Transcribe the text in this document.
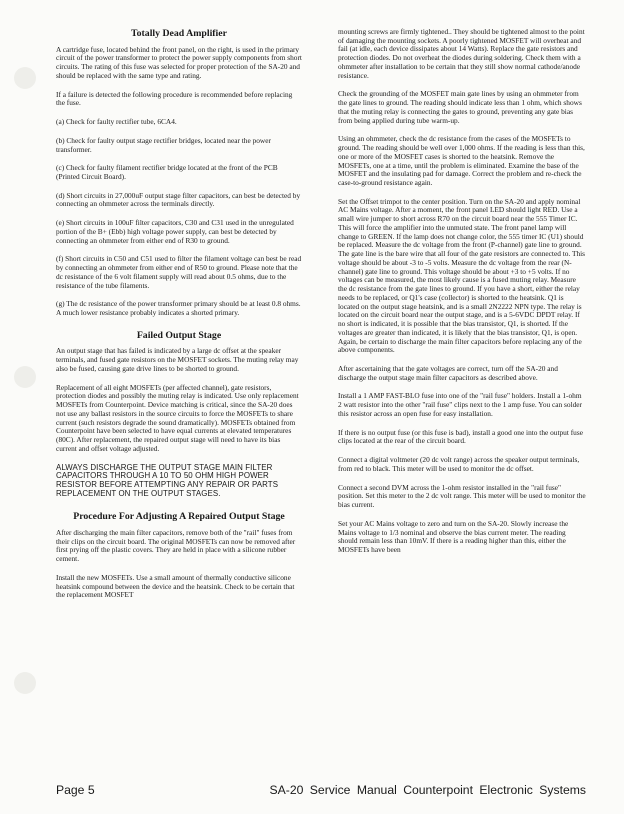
Totally Dead Amplifier

A cartridge fuse, located behind the front panel, on the right, is used in the primary circuit of the power transformer to protect the power supply components from short circuits. The rating of this fuse was selected for proper protection of the SA-20 and should be replaced with the same type and rating.

If a failure is detected the following procedure is recommended before replacing the fuse.

(a) Check for faulty rectifier tube, 6CA4.

(b) Check for faulty output stage rectifier bridges, located near the power transformer.

(c) Check for faulty filament rectifier bridge located at the front of the PCB (Printed Circuit Board).

(d) Short circuits in 27,000uF output stage filter capacitors, can best be detected by connecting an ohmmeter across the terminals directly.

(e) Short circuits in 100uF filter capacitors, C30 and C31 used in the unregulated portion of the B+ (Ebb) high voltage power supply, can best be detected by connecting an ohmmeter from either end of R30 to ground.

(f) Short circuits in C50 and C51 used to filter the filament voltage can best be read by connecting an ohmmeter from either end of R50 to ground. Please note that the dc resistance of the 6 volt filament supply will read about 0.5 ohms, due to the resistance of the tube filaments.

(g) The dc resistance of the power transformer primary should be at least 0.8 ohms. A much lower resistance probably indicates a shorted primary.

Failed Output Stage

An output stage that has failed is indicated by a large dc offset at the speaker terminals, and fused gate resistors on the MOSFET sockets. The muting relay may also be fused, causing gate drive lines to be shorted to ground.

Replacement of all eight MOSFETs (per affected channel), gate resistors, protection diodes and possibly the muting relay is indicated. Use only replacement MOSFETs from Counterpoint. Device matching is critical, since the SA-20 does not use any ballast resistors in the source circuits to force the MOSFETs to share current (such resistors degrade the sound dramatically). MOSFETs obtained from Counterpoint have been selected to have equal currents at elevated temperatures (80C). After replacement, the repaired output stage will need to have its bias current and offset voltage adjusted.

ALWAYS DISCHARGE THE OUTPUT STAGE MAIN FILTER CAPACITORS THROUGH A 10 TO 50 OHM HIGH POWER RESISTOR BEFORE ATTEMPTING ANY REPAIR OR PARTS REPLACEMENT ON THE OUTPUT STAGES.

Procedure For Adjusting A Repaired Output Stage

After discharging the main filter capacitors, remove both of the "rail" fuses from their clips on the circuit board. The original MOSFETs can now be removed after first prying off the plastic covers. They are held in place with a silicone rubber cement.

Install the new MOSFETs. Use a small amount of thermally conductive silicone heatsink compound between the device and the heatsink. Check to be certain that the replacement MOSFET

mounting screws are firmly tightened.. They should be tightened almost to the point of damaging the mounting sockets. A poorly tightened MOSFET will overheat and fail (at idle, each device dissipates about 14 Watts). Replace the gate resistors and protection diodes. Do not overheat the diodes during soldering. Check them with a ohmmeter after installation to be certain that they still show normal cathode/anode resistance.

Check the grounding of the MOSFET main gate lines by using an ohmmeter from the gate lines to ground. The reading should indicate less than 1 ohm, which shows that the muting relay is connecting the gates to ground, preventing any gate bias from being applied during tube warm-up.

Using an ohmmeter, check the dc resistance from the cases of the MOSFETs to ground. The reading should be well over 1,000 ohms. If the reading is less than this, one or more of the MOSFET cases is shorted to the heatsink. Remove the MOSFETs, one at a time, until the problem is eliminated. Examine the base of the MOSFET and the insulating pad for damage. Correct the problem and re-check the case-to-ground resistance again.

Set the Offset trimpot to the center position. Turn on the SA-20 and apply nominal AC Mains voltage. After a moment, the front panel LED should light RED. Use a small wire jumper to short across R70 on the circuit board near the 555 Timer IC. This will force the amplifier into the unmuted state. The front panel lamp will change to GREEN. If the lamp does not change color, the 555 timer IC (U1) should be replaced. Measure the dc voltage from the front (P-channel) gate line to ground. The gate line is the bare wire that all four of the gate resistors are connected to. This voltage should be about -3 to -5 volts. Measure the dc voltage from the rear (N-channel) gate line to ground. This voltage should be about +3 to +5 volts. If no voltages can be measured, the most likely cause is a fused muting relay. Measure the dc resistance from the gate lines to ground. If you have a short, either the relay needs to be replaced, or Q1's case (collector) is shorted to the heatsink. Q1 is located on the output stage heatsink, and is a small 2N2222 NPN type. The relay is located on the circuit board near the output stage, and is a 5-6VDC DPDT relay. If no short is indicated, it is possible that the bias transistor, Q1, is shorted. If the voltages are greater than indicated, it is likely that the bias transistor, Q1, is open. Again, be certain to discharge the main filter capacitors before replacing any of the above components.

After ascertaining that the gate voltages are correct, turn off the SA-20 and discharge the output stage main filter capacitors as described above.

Install a 1 AMP FAST-BLO fuse into one of the "rail fuse" holders. Install a 1-ohm 2 watt resistor into the other "rail fuse" clips next to the 1 amp fuse. You can solder this resistor across an open fuse for easy installation.

If there is no output fuse (or this fuse is bad), install a good one into the output fuse clips located at the rear of the circuit board.

Connect a digital voltmeter (20 dc volt range) across the speaker output terminals, from red to black. This meter will be used to monitor the dc offset.

Connect a second DVM across the 1-ohm resistor installed in the "rail fuse" position. Set this meter to the 2 dc volt range. This meter will be used to monitor the bias current.

Set your AC Mains voltage to zero and turn on the SA-20. Slowly increase the Mains voltage to 1/3 nominal and observe the bias current meter. The reading should remain less than 10mV. If there is a reading higher than this, either the MOSFETs have been

Page 5	SA-20 Service Manual Counterpoint Electronic Systems
